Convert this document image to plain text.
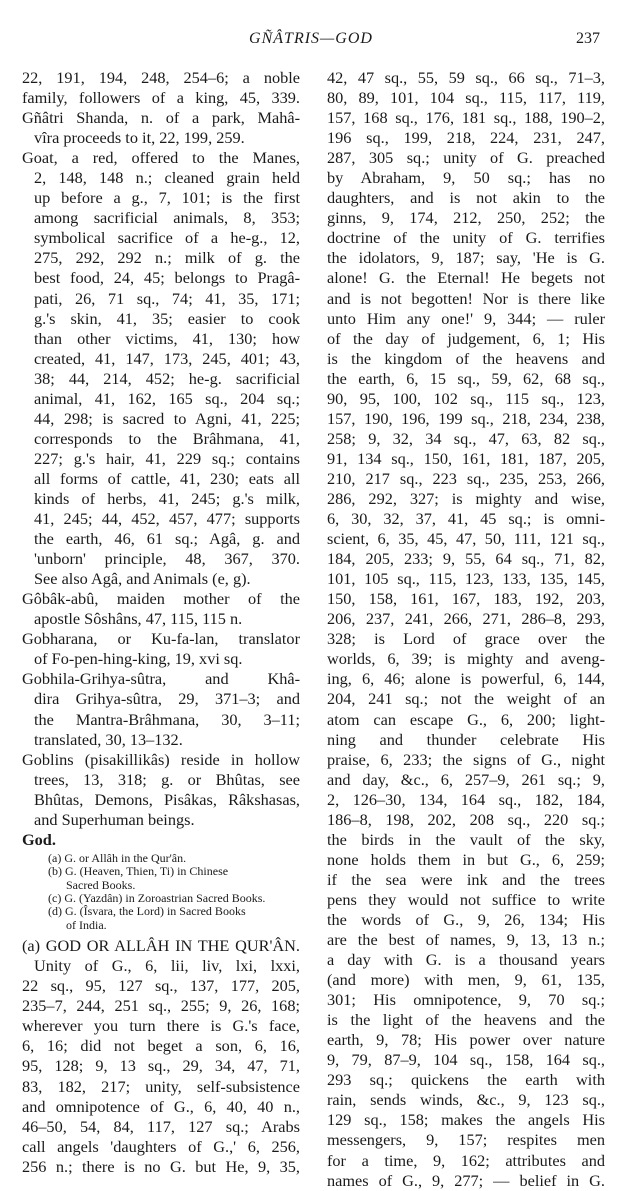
GÑÂTRIS—GOD	237
22, 191, 194, 248, 254–6; a noble
family, followers of a king, 45, 339.
Gñâtri Shanda, n. of a park, Mahâ-
vîra proceeds to it, 22, 199, 259.
Goat, a red, offered to the Manes,
2, 148, 148 n.; cleaned grain held
up before a g., 7, 101; is the first
among sacrificial animals, 8, 353;
symbolical sacrifice of a he-g., 12,
275, 292, 292 n.; milk of g. the
best food, 24, 45; belongs to Pragâ-
pati, 26, 71 sq., 74; 41, 35, 171;
g.'s skin, 41, 35; easier to cook
than other victims, 41, 130; how
created, 41, 147, 173, 245, 401; 43,
38; 44, 214, 452; he-g. sacrificial
animal, 41, 162, 165 sq., 204 sq.;
44, 298; is sacred to Agni, 41, 225;
corresponds to the Brâhmana, 41,
227; g.'s hair, 41, 229 sq.; contains
all forms of cattle, 41, 230; eats all
kinds of herbs, 41, 245; g.'s milk,
41, 245; 44, 452, 457, 477; supports
the earth, 46, 61 sq.; Agâ, g. and
'unborn' principle, 48, 367, 370.
See also Agâ, and Animals (e, g).
Gôbâk-abû, maiden mother of the
apostle Sôshâns, 47, 115, 115 n.
Gobharana, or Ku-fa-lan, translator
of Fo-pen-hing-king, 19, xvi sq.
Gobhila-Grihya-sûtra, and Khâ-
dira Grihya-sûtra, 29, 371–3; and
the Mantra-Brâhmana, 30, 3–11;
translated, 30, 13–132.
Goblins (pisakillikâs) reside in hollow
trees, 13, 318; g. or Bhûtas, see
Bhûtas, Demons, Pisâkas, Râkshasas,
and Superhuman beings.
God.
(a) G. or Allâh in the Qur'ân.
(b) G. (Heaven, Thien, Ti) in Chinese
Sacred Books.
(c) G. (Yazdân) in Zoroastrian Sacred Books.
(d) G. (Îsvara, the Lord) in Sacred Books
of India.
(a) GOD OR ALLÂH IN THE QUR'ÂN.
Unity of G., 6, lii, liv, lxi, lxxi,
22 sq., 95, 127 sq., 137, 177, 205,
235–7, 244, 251 sq., 255; 9, 26, 168;
wherever you turn there is G.'s face,
6, 16; did not beget a son, 6, 16,
95, 128; 9, 13 sq., 29, 34, 47, 71,
83, 182, 217; unity, self-subsistence
and omnipotence of G., 6, 40, 40 n.,
46–50, 54, 84, 117, 127 sq.; Arabs
call angels 'daughters of G.,' 6, 256,
256 n.; there is no G. but He, 9, 35,
42, 47 sq., 55, 59 sq., 66 sq., 71–3,
80, 89, 101, 104 sq., 115, 117, 119,
157, 168 sq., 176, 181 sq., 188, 190–2,
196 sq., 199, 218, 224, 231, 247,
287, 305 sq.; unity of G. preached
by Abraham, 9, 50 sq.; has no
daughters, and is not akin to the
ginns, 9, 174, 212, 250, 252; the
doctrine of the unity of G. terrifies
the idolators, 9, 187; say, 'He is G.
alone! G. the Eternal! He begets not
and is not begotten! Nor is there like
unto Him any one!' 9, 344; — ruler
of the day of judgement, 6, 1; His
is the kingdom of the heavens and
the earth, 6, 15 sq., 59, 62, 68 sq.,
90, 95, 100, 102 sq., 115 sq., 123,
157, 190, 196, 199 sq., 218, 234, 238,
258; 9, 32, 34 sq., 47, 63, 82 sq.,
91, 134 sq., 150, 161, 181, 187, 205,
210, 217 sq., 223 sq., 235, 253, 266,
286, 292, 327; is mighty and wise,
6, 30, 32, 37, 41, 45 sq.; is omni-
scient, 6, 35, 45, 47, 50, 111, 121 sq.,
184, 205, 233; 9, 55, 64 sq., 71, 82,
101, 105 sq., 115, 123, 133, 135, 145,
150, 158, 161, 167, 183, 192, 203,
206, 237, 241, 266, 271, 286–8, 293,
328; is Lord of grace over the
worlds, 6, 39; is mighty and aveng-
ing, 6, 46; alone is powerful, 6, 144,
204, 241 sq.; not the weight of an
atom can escape G., 6, 200; light-
ning and thunder celebrate His
praise, 6, 233; the signs of G., night
and day, &c., 6, 257–9, 261 sq.; 9,
2, 126–30, 134, 164 sq., 182, 184,
186–8, 198, 202, 208 sq., 220 sq.;
the birds in the vault of the sky,
none holds them in but G., 6, 259;
if the sea were ink and the trees
pens they would not suffice to write
the words of G., 9, 26, 134; His
are the best of names, 9, 13, 13 n.;
a day with G. is a thousand years
(and more) with men, 9, 61, 135,
301; His omnipotence, 9, 70 sq.;
is the light of the heavens and the
earth, 9, 78; His power over nature
9, 79, 87–9, 104 sq., 158, 164 sq.,
293 sq.; quickens the earth with
rain, sends winds, &c., 9, 123 sq.,
129 sq., 158; makes the angels His
messengers, 9, 157; respites men
for a time, 9, 162; attributes and
names of G., 9, 277; — belief in G.
